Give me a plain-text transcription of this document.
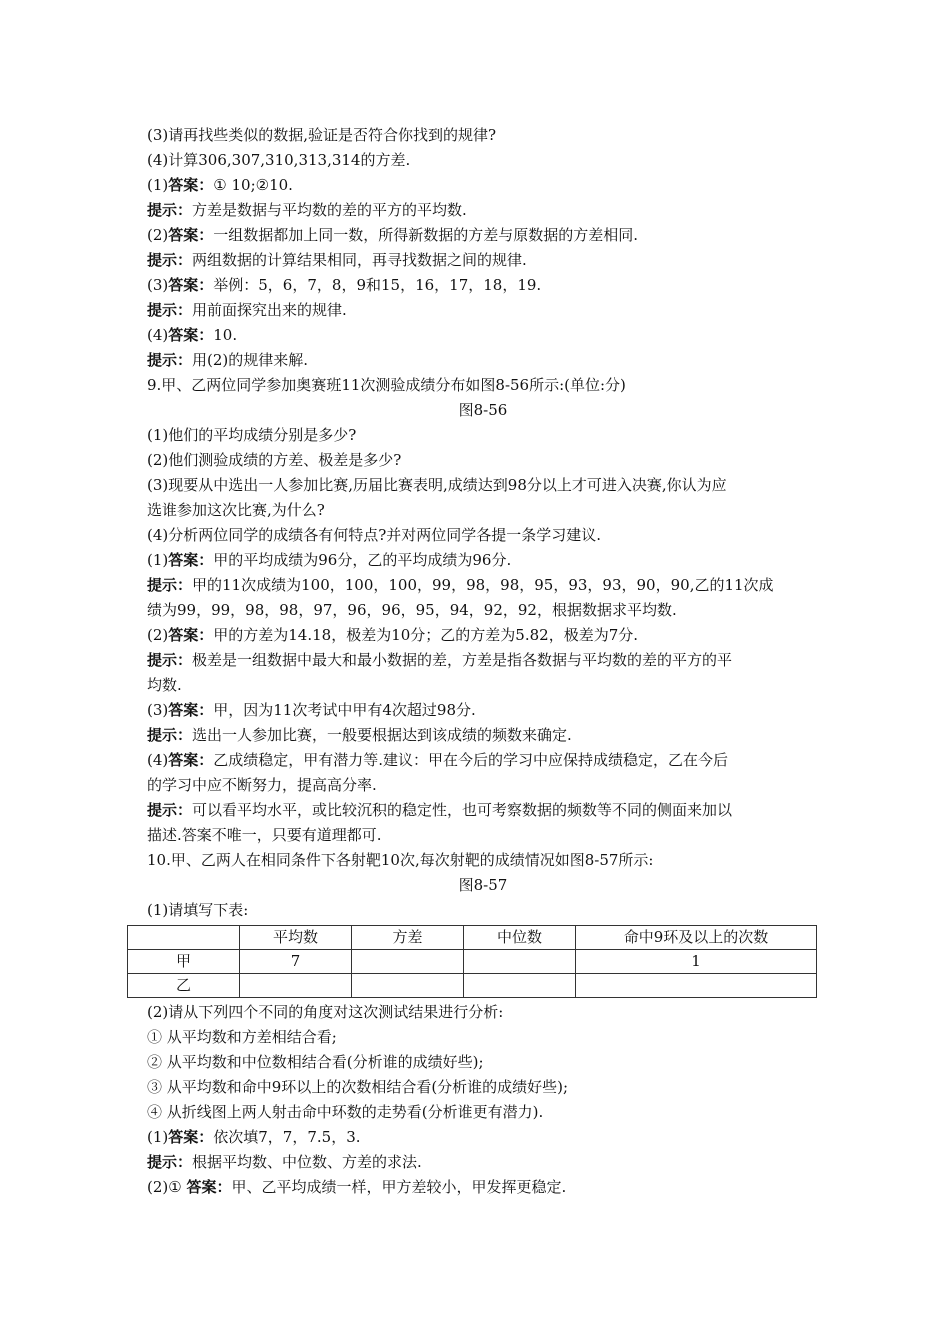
(3)请再找些类似的数据,验证是否符合你找到的规律?

(4)计算306,307,310,313,314的方差.

(1)答案：① 10;②10.

提示：方差是数据与平均数的差的平方的平均数.

(2)答案：一组数据都加上同一数，所得新数据的方差与原数据的方差相同.

提示：两组数据的计算结果相同，再寻找数据之间的规律.

(3)答案：举例：5，6，7，8，9和15，16，17，18，19.

提示：用前面探究出来的规律.

(4)答案：10.

提示：用(2)的规律来解.

9.甲、乙两位同学参加奥赛班11次测验成绩分布如图8-56所示:(单位:分)

图8-56

(1)他们的平均成绩分别是多少?

(2)他们测验成绩的方差、极差是多少?

(3)现要从中选出一人参加比赛,历届比赛表明,成绩达到98分以上才可进入决赛,你认为应

选谁参加这次比赛,为什么?

(4)分析两位同学的成绩各有何特点?并对两位同学各提一条学习建议.

(1)答案：甲的平均成绩为96分，乙的平均成绩为96分.

提示：甲的11次成绩为100，100，100，99，98，98，95，93，93，90，90,乙的11次成

绩为99，99，98，98，97，96，96，95，94，92，92，根据数据求平均数.

(2)答案：甲的方差为14.18，极差为10分；乙的方差为5.82，极差为7分.

提示：极差是一组数据中最大和最小数据的差，方差是指各数据与平均数的差的平方的平

均数.

(3)答案：甲，因为11次考试中甲有4次超过98分.

提示：选出一人参加比赛，一般要根据达到该成绩的频数来确定.

(4)答案：乙成绩稳定，甲有潜力等.建议：甲在今后的学习中应保持成绩稳定，乙在今后

的学习中应不断努力，提高高分率.

提示：可以看平均水平，或比较沉积的稳定性，也可考察数据的频数等不同的侧面来加以

描述.答案不唯一，只要有道理都可.

10.甲、乙两人在相同条件下各射靶10次,每次射靶的成绩情况如图8-57所示:

图8-57

(1)请填写下表:

	平均数	方差	中位数	命中9环及以上的次数
甲	7			1
乙				

(2)请从下列四个不同的角度对这次测试结果进行分析:

① 从平均数和方差相结合看;

② 从平均数和中位数相结合看(分析谁的成绩好些);

③ 从平均数和命中9环以上的次数相结合看(分析谁的成绩好些);

④ 从折线图上两人射击命中环数的走势看(分析谁更有潜力).

(1)答案：依次填7，7，7.5，3.

提示：根据平均数、中位数、方差的求法.

(2)① 答案：甲、乙平均成绩一样，甲方差较小，甲发挥更稳定.
